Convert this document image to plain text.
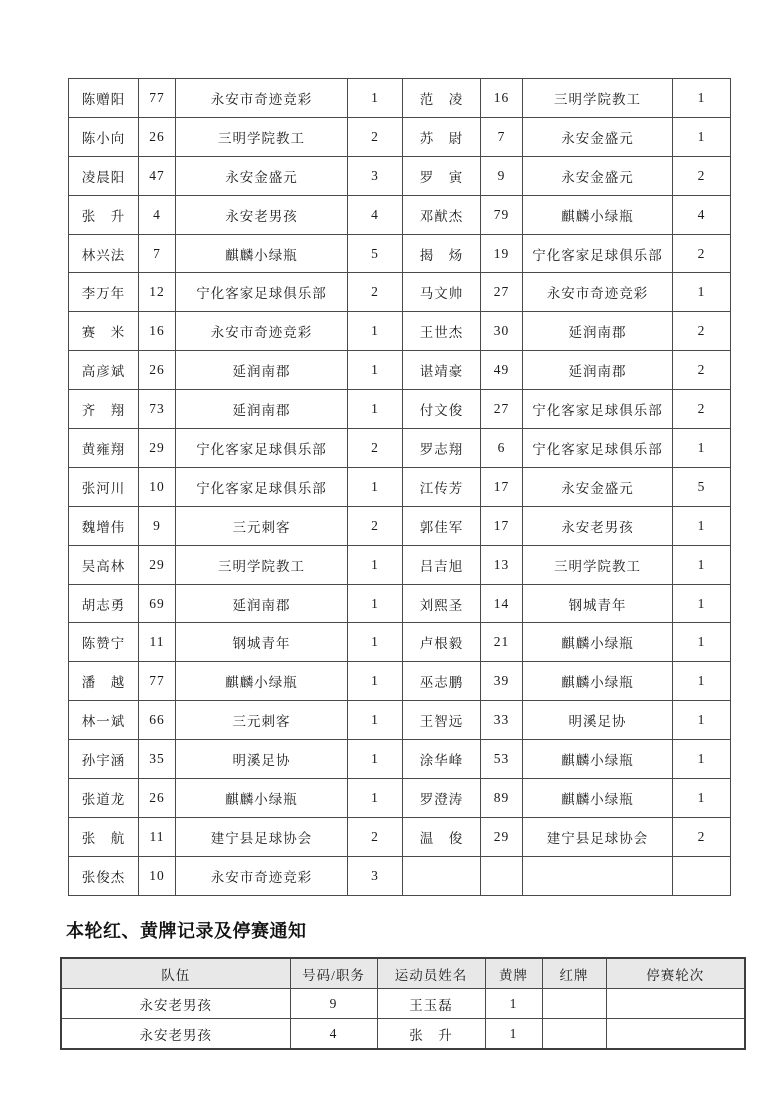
陈赠阳	77	永安市奇迹竞彩	1	范　凌	16	三明学院教工	1
陈小向	26	三明学院教工	2	苏　尉	7	永安金盛元	1
凌晨阳	47	永安金盛元	3	罗　寅	9	永安金盛元	2
张　升	4	永安老男孩	4	邓猷杰	79	麒麟小绿瓶	4
林兴法	7	麒麟小绿瓶	5	揭　炀	19	宁化客家足球俱乐部	2
李万年	12	宁化客家足球俱乐部	2	马文帅	27	永安市奇迹竞彩	1
赛　米	16	永安市奇迹竞彩	1	王世杰	30	延润南郡	2
高彦斌	26	延润南郡	1	谌靖豪	49	延润南郡	2
齐　翔	73	延润南郡	1	付文俊	27	宁化客家足球俱乐部	2
黄雍翔	29	宁化客家足球俱乐部	2	罗志翔	6	宁化客家足球俱乐部	1
张河川	10	宁化客家足球俱乐部	1	江传芳	17	永安金盛元	5
魏增伟	9	三元刺客	2	郭佳军	17	永安老男孩	1
吴高林	29	三明学院教工	1	吕吉旭	13	三明学院教工	1
胡志勇	69	延润南郡	1	刘熙圣	14	钢城青年	1
陈赞宁	11	钢城青年	1	卢根毅	21	麒麟小绿瓶	1
潘　越	77	麒麟小绿瓶	1	巫志鹏	39	麒麟小绿瓶	1
林一斌	66	三元刺客	1	王智远	33	明溪足协	1
孙宇涵	35	明溪足协	1	涂华峰	53	麒麟小绿瓶	1
张道龙	26	麒麟小绿瓶	1	罗澄涛	89	麒麟小绿瓶	1
张　航	11	建宁县足球协会	2	温　俊	29	建宁县足球协会	2
张俊杰	10	永安市奇迹竞彩	3				
本轮红、黄牌记录及停赛通知
队伍	号码/职务	运动员姓名	黄牌	红牌	停赛轮次
永安老男孩	9	王玉磊	1		
永安老男孩	4	张　升	1		
